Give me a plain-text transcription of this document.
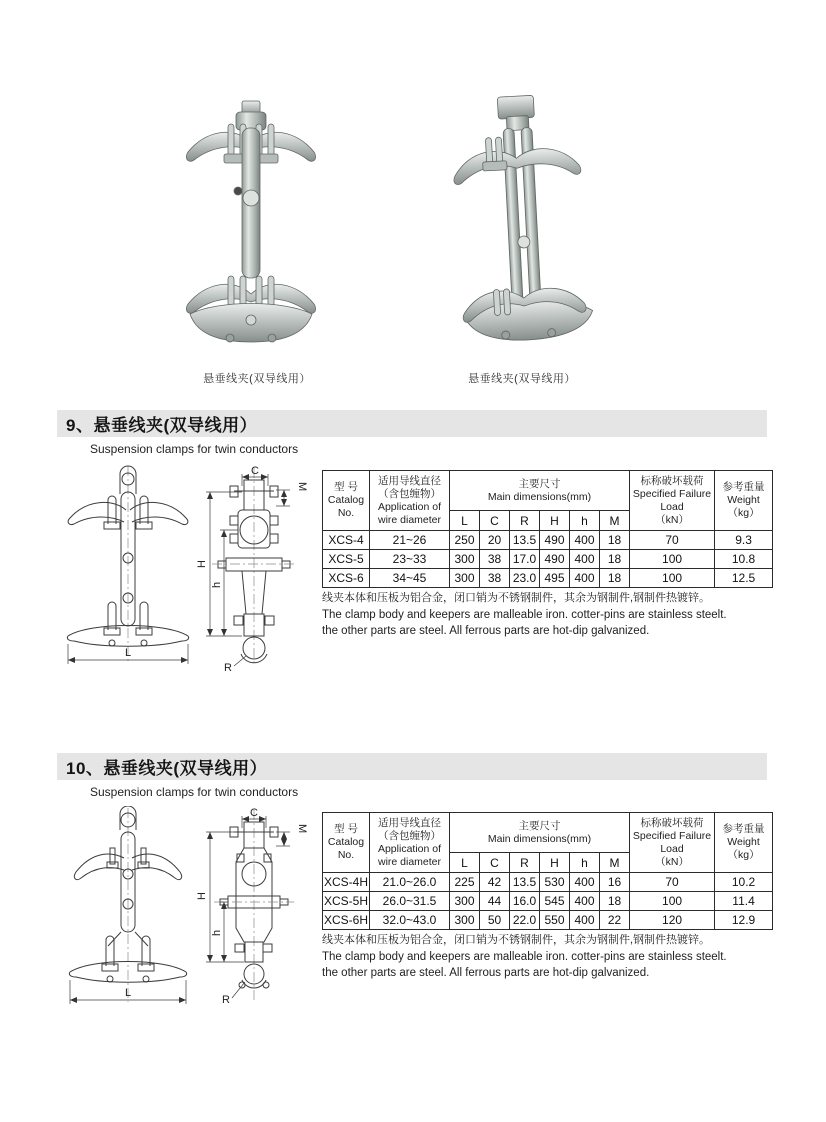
悬垂线夹(双导线用）	悬垂线夹(双导线用）
9、悬垂线夹(双导线用）
Suspension clamps for twin conductors
L
C
M
H
h
R
型 号
Catalog
No.

适用导线直径
（含包缠物）
Application of
wire diameter

主要尺寸
Main dimensions(mm)

标称破坏载荷
Specified Failure
Load
（kN）

参考重量
Weight
（kg）

		L	C	R	H	h	M		
XCS-4	21~26	250	20	13.5	490	400	18	70	9.3
XCS-5	23~33	300	38	17.0	490	400	18	100	10.8
XCS-6	34~45	300	38	23.0	495	400	18	100	12.5
线夹本体和压板为铝合金，闭口销为不锈钢制件，其余为钢制件,钢制件热镀锌。
The clamp body and keepers are malleable iron. cotter-pins are stainless steelt.
the other parts are steel. All ferrous parts are hot-dip galvanized.
10、悬垂线夹(双导线用）
Suspension clamps for twin conductors
L
C
M
H
h
R
型 号
Catalog
No.

适用导线直径
（含包缠物）
Application of
wire diameter

主要尺寸
Main dimensions(mm)

标称破坏载荷
Specified Failure
Load
（kN）

参考重量
Weight
（kg）

		L	C	R	H	h	M		
XCS-4H	21.0~26.0	225	42	13.5	530	400	16	70	10.2
XCS-5H	26.0~31.5	300	44	16.0	545	400	18	100	11.4
XCS-6H	32.0~43.0	300	50	22.0	550	400	22	120	12.9
线夹本体和压板为铝合金，闭口销为不锈钢制件，其余为钢制件,钢制件热镀锌。
The clamp body and keepers are malleable iron. cotter-pins are stainless steelt.
the other parts are steel. All ferrous parts are hot-dip galvanized.
